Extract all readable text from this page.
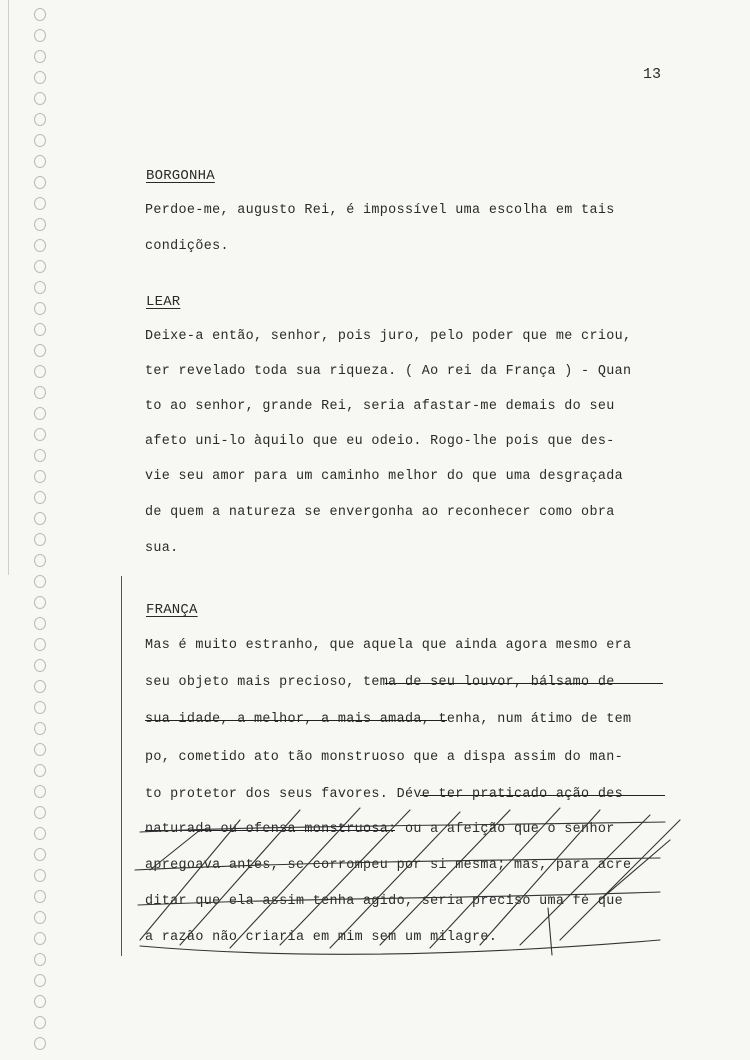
13
BORGONHA
Perdoe-me, augusto Rei, é impossível uma escolha em tais
condições.
LEAR
Deixe-a então, senhor, pois juro, pelo poder que me criou,
ter revelado toda sua riqueza. ( Ao rei da França ) - Quan
to ao senhor, grande Rei, seria afastar-me demais do seu
afeto uni-lo àquilo que eu odeio. Rogo-lhe pois que des-
vie seu amor para um caminho melhor do que uma desgraçada
de quem a natureza se envergonha ao reconhecer como obra
sua.
FRANÇA
Mas é muito estranho, que aquela que ainda agora mesmo era
seu objeto mais precioso, tema de seu louvor, bálsamo de
sua idade, a melhor, a mais amada, tenha, num átimo de tem
po, cometido ato tão monstruoso que a dispa assim do man-
to protetor dos seus favores. Déve ter praticado ação des
naturada ou ofensa monstruosa: ou a afeição que o senhor
apregoava antes, se corrompeu por si mesma; mas, para acre
ditar que ela assim tenha agido, seria preciso uma fé que
a razão não criaria em mim sem um milagre.
